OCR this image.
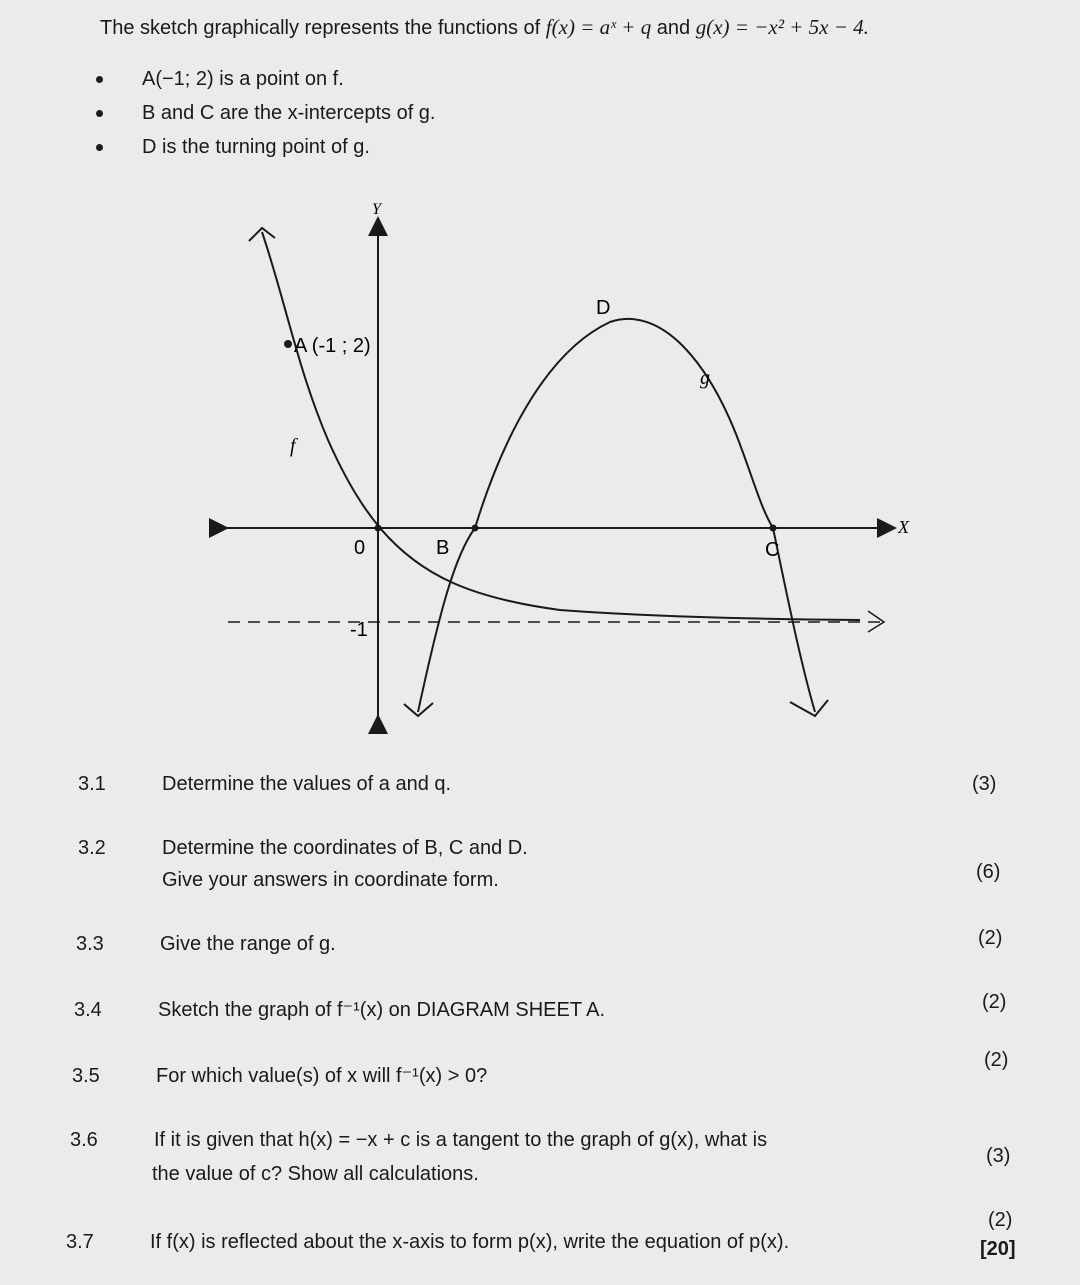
The sketch graphically represents the functions of f(x) = aˣ + q and g(x) = −x² + 5x − 4.
A(−1; 2) is a point on f.
B and C are the x-intercepts of g.
D is the turning point of g.
Y
X
0
A (-1 ; 2)
B	C
D
f
g
-1
3.1	Determine the values of a and q.	(3)
3.2	Determine the coordinates of B, C and D.
Give your answers in coordinate form.	(6)
3.3	Give the range of g.	(2)
3.4	Sketch the graph of f⁻¹(x) on DIAGRAM SHEET A.	(2)
3.5	For which value(s) of x will f⁻¹(x) > 0?
(2)
3.6	If it is given that h(x) = −x + c is a tangent to the graph of g(x), what is
the value of c? Show all calculations.
(3)
3.7	If f(x) is reflected about the x-axis to form p(x), write the equation of p(x).
(2)
[20]
